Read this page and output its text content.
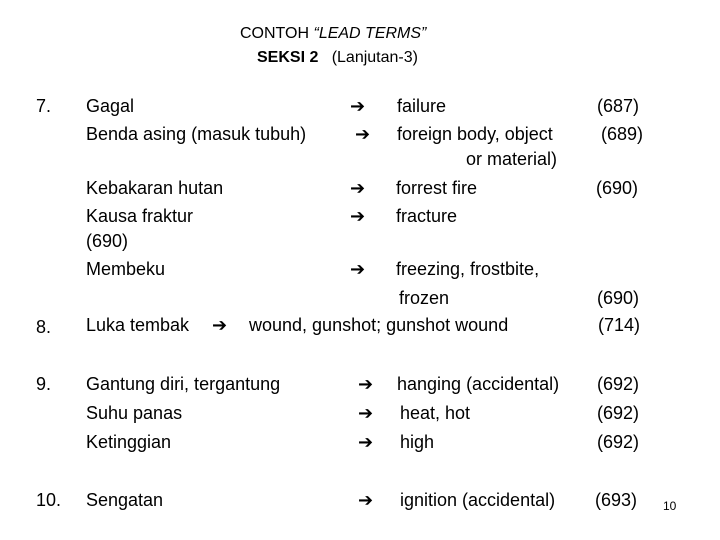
CONTOH “LEAD TERMS”
SEKSI 2 (Lanjutan-3)
7. Gagal	➔ failure	(687)
Benda asing (masuk tubuh)	➔ foreign body, object	(689)
or material)
Kebakaran hutan	➔ forrest fire	(690)
Kausa fraktur	➔ fracture
(690)
Membeku	➔ freezing, frostbite,
frozen	(690)
8. Luka tembak ➔ wound, gunshot; gunshot wound	(714)
9. Gantung diri, tergantung	➔ hanging (accidental) (692)
Suhu panas	➔ heat, hot	(692)
Ketinggian	➔ high	(692)
10. Sengatan	➔ ignition (accidental) (693) 10
